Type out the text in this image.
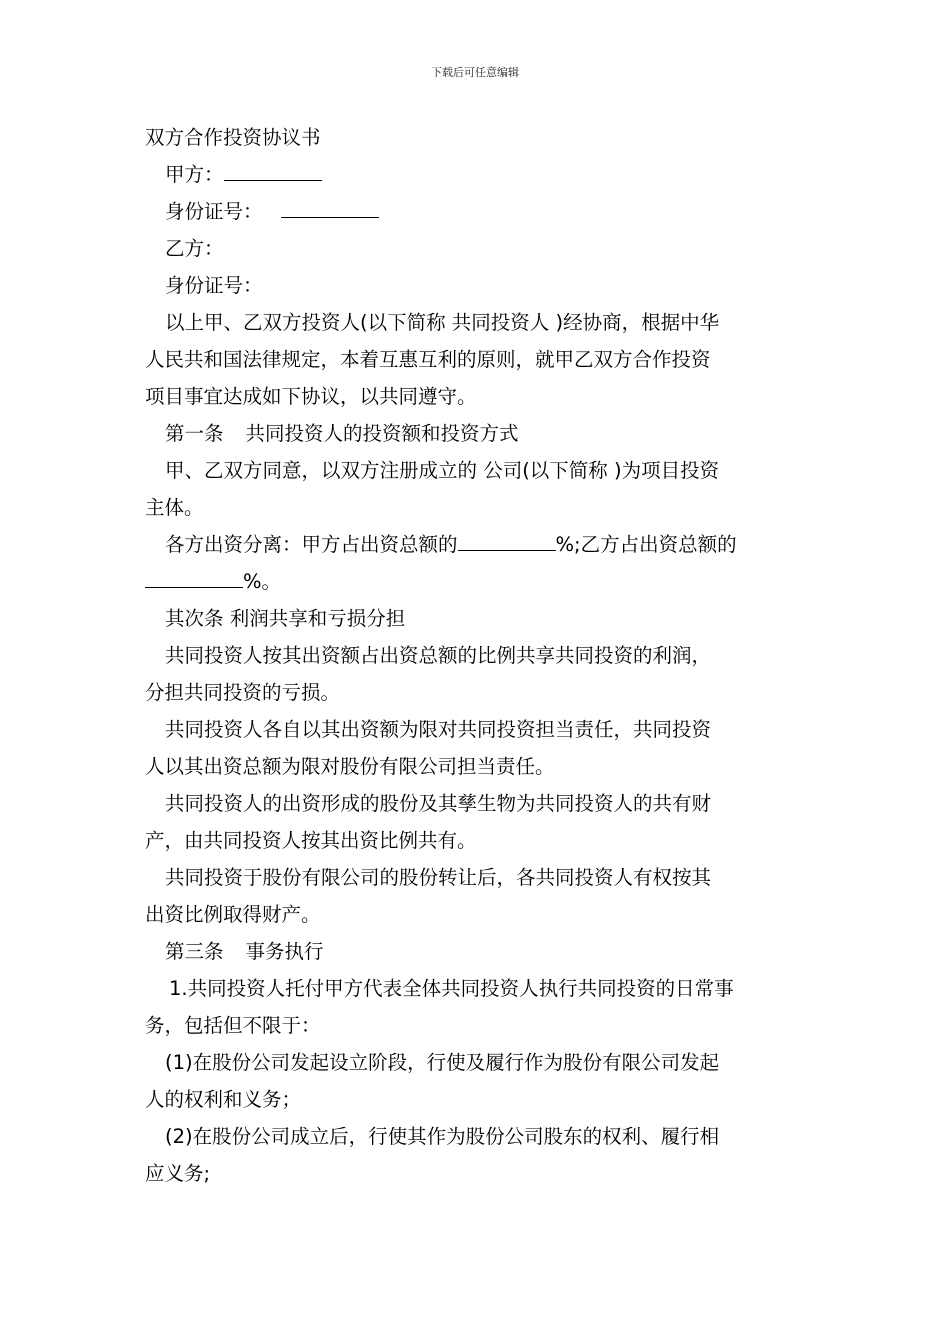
下载后可任意编辑
双方合作投资协议书
甲方：
身份证号：
乙方：
身份证号：
以上甲、乙双方投资人(以下简称 共同投资人 )经协商，根据中华
人民共和国法律规定，本着互惠互利的原则，就甲乙双方合作投资
项目事宜达成如下协议，以共同遵守。
第一条 共同投资人的投资额和投资方式
甲、乙双方同意，以双方注册成立的 公司(以下简称 )为项目投资
主体。
各方出资分离：甲方占出资总额的	%;乙方占出资总额的
%。
其次条 利润共享和亏损分担
共同投资人按其出资额占出资总额的比例共享共同投资的利润，
分担共同投资的亏损。
共同投资人各自以其出资额为限对共同投资担当责任，共同投资
人以其出资总额为限对股份有限公司担当责任。
共同投资人的出资形成的股份及其孳生物为共同投资人的共有财
产，由共同投资人按其出资比例共有。
共同投资于股份有限公司的股份转让后，各共同投资人有权按其
出资比例取得财产。
第三条 事务执行
1.共同投资人托付甲方代表全体共同投资人执行共同投资的日常事
务，包括但不限于：
(1)在股份公司发起设立阶段，行使及履行作为股份有限公司发起
人的权利和义务；
(2)在股份公司成立后，行使其作为股份公司股东的权利、履行相
应义务;
